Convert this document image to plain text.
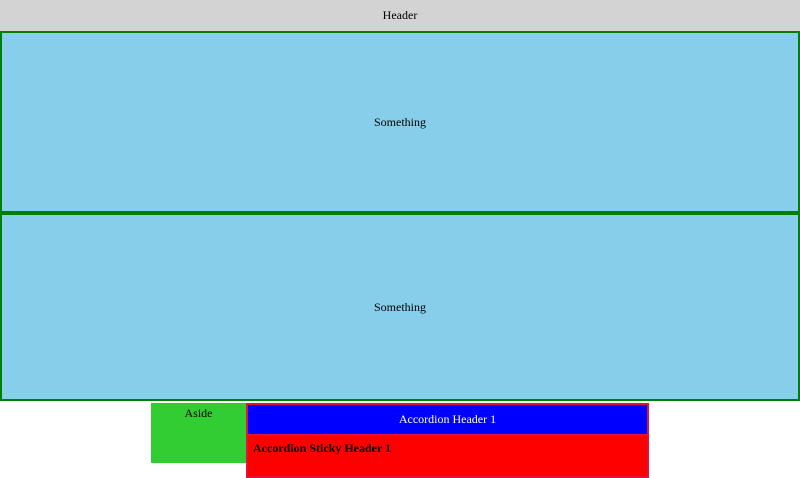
Header
Something
Something
Aside	Accordion Header 1
Accordion Sticky Header 1
